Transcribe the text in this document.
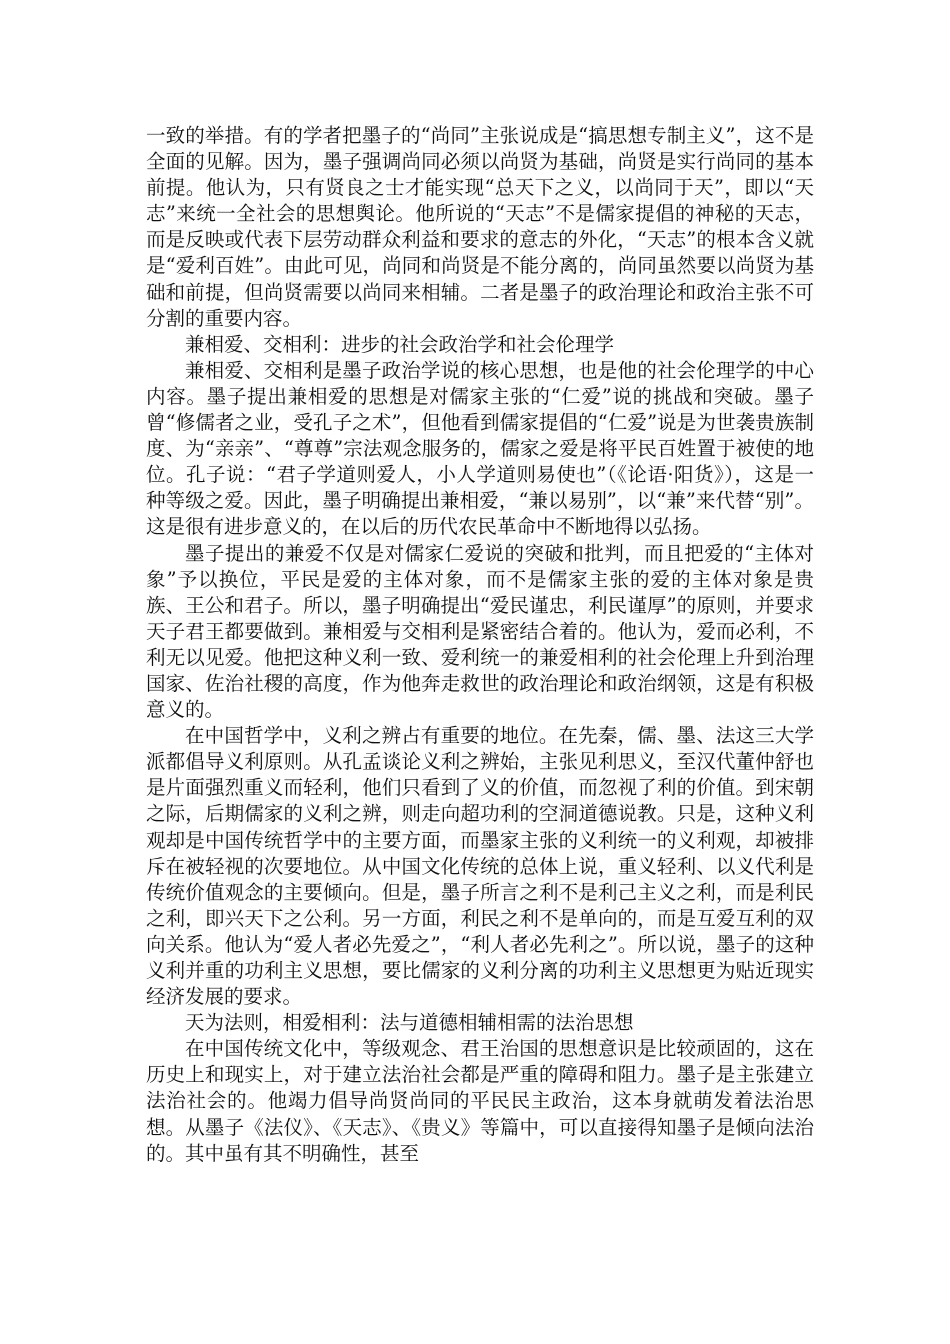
一致的举措。有的学者把墨子的“尚同”主张说成是“搞思想专制主义”，这不是全面的见解。因为，墨子强调尚同必须以尚贤为基础，尚贤是实行尚同的基本前提。他认为，只有贤良之士才能实现“总天下之义，以尚同于天”，即以“天志”来统一全社会的思想舆论。他所说的“天志”不是儒家提倡的神秘的天志，而是反映或代表下层劳动群众利益和要求的意志的外化，“天志”的根本含义就是“爱利百姓”。由此可见，尚同和尚贤是不能分离的，尚同虽然要以尚贤为基础和前提，但尚贤需要以尚同来相辅。二者是墨子的政治理论和政治主张不可分割的重要内容。

兼相爱、交相利：进步的社会政治学和社会伦理学

兼相爱、交相利是墨子政治学说的核心思想，也是他的社会伦理学的中心内容。墨子提出兼相爱的思想是对儒家主张的“仁爱”说的挑战和突破。墨子曾“修儒者之业，受孔子之术”，但他看到儒家提倡的“仁爱”说是为世袭贵族制度、为“亲亲”、“尊尊”宗法观念服务的，儒家之爱是将平民百姓置于被使的地位。孔子说：“君子学道则爱人，小人学道则易使也”（《论语·阳货》），这是一种等级之爱。因此，墨子明确提出兼相爱，“兼以易别”，以“兼”来代替“别”。这是很有进步意义的，在以后的历代农民革命中不断地得以弘扬。

墨子提出的兼爱不仅是对儒家仁爱说的突破和批判，而且把爱的“主体对象”予以换位，平民是爱的主体对象，而不是儒家主张的爱的主体对象是贵族、王公和君子。所以，墨子明确提出“爱民谨忠，利民谨厚”的原则，并要求天子君王都要做到。兼相爱与交相利是紧密结合着的。他认为，爱而必利，不利无以见爱。他把这种义利一致、爱利统一的兼爱相利的社会伦理上升到治理国家、佐治社稷的高度，作为他奔走救世的政治理论和政治纲领，这是有积极意义的。

在中国哲学中，义利之辨占有重要的地位。在先秦，儒、墨、法这三大学派都倡导义利原则。从孔孟谈论义利之辨始，主张见利思义，至汉代董仲舒也是片面强烈重义而轻利，他们只看到了义的价值，而忽视了利的价值。到宋朝之际，后期儒家的义利之辨，则走向超功利的空洞道德说教。只是，这种义利观却是中国传统哲学中的主要方面，而墨家主张的义利统一的义利观，却被排斥在被轻视的次要地位。从中国文化传统的总体上说，重义轻利、以义代利是传统价值观念的主要倾向。但是，墨子所言之利不是利己主义之利，而是利民之利，即兴天下之公利。另一方面，利民之利不是单向的，而是互爱互利的双向关系。他认为“爱人者必先爱之”，“利人者必先利之”。所以说，墨子的这种义利并重的功利主义思想，要比儒家的义利分离的功利主义思想更为贴近现实经济发展的要求。

天为法则，相爱相利：法与道德相辅相需的法治思想

在中国传统文化中，等级观念、君王治国的思想意识是比较顽固的，这在历史上和现实上，对于建立法治社会都是严重的障碍和阻力。墨子是主张建立法治社会的。他竭力倡导尚贤尚同的平民民主政治，这本身就萌发着法治思想。从墨子《法仪》、《天志》、《贵义》等篇中，可以直接得知墨子是倾向法治的。其中虽有其不明确性，甚至
